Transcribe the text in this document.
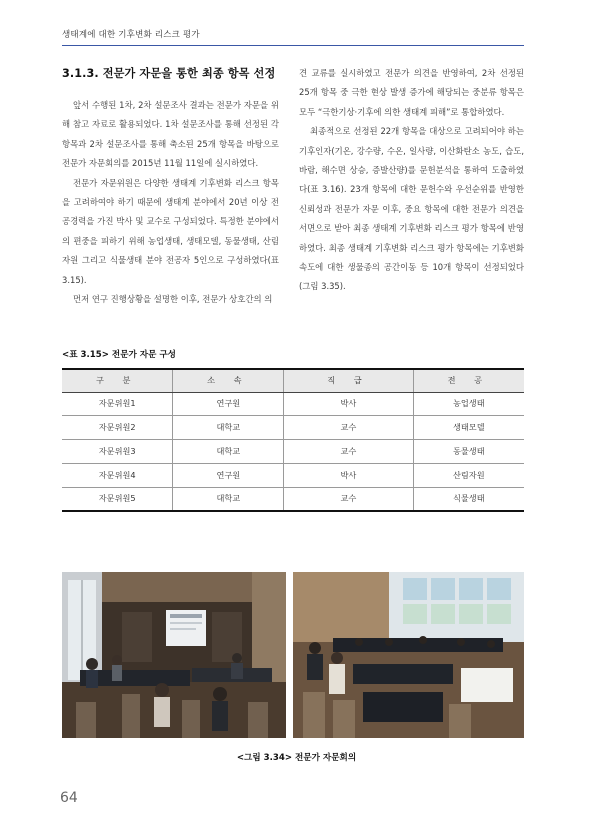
생태계에 대한 기후변화 리스크 평가
3.1.3. 전문가 자문을 통한 최종 항목 선정

앞서 수행된 1차, 2차 설문조사 결과는 전문가 자문을 위해 참고 자료로 활용되었다. 1차 설문조사를 통해 선정된 각 항목과 2차 설문조사를 통해 축소된 25개 항목을 바탕으로 전문가 자문회의를 2015년 11월 11일에 실시하였다.

전문가 자문위원은 다양한 생태계 기후변화 리스크 항목을 고려하여야 하기 때문에 생태계 분야에서 20년 이상 전공경력을 가진 박사 및 교수로 구성되었다. 특정한 분야에서의 편중을 피하기 위해 농업생태, 생태모델, 동물생태, 산림자원 그리고 식물생태 분야 전공자 5인으로 구성하였다(표 3.15).

먼저 연구 진행상황을 설명한 이후, 전문가 상호간의 의

견 교류를 실시하였고 전문가 의견을 반영하여, 2차 선정된 25개 항목 중 극한 현상 발생 증가에 해당되는 중분류 항목은 모두 “극한기상·기후에 의한 생태계 피해”로 통합하였다.

최종적으로 선정된 22개 항목을 대상으로 고려되어야 하는 기후인자(기온, 강수량, 수온, 일사량, 이산화탄소 농도, 습도, 바람, 해수면 상승, 증발산량)를 문헌분석을 통하여 도출하였다(표 3.16). 23개 항목에 대한 문헌수와 우선순위를 반영한 신뢰성과 전문가 자문 이후, 중요 항목에 대한 전문가 의견을 서면으로 받아 최종 생태계 기후변화 리스크 평가 항목에 반영하였다. 최종 생태계 기후변화 리스크 평가 항목에는 기후변화 속도에 대한 생물종의 공간이동 등 10개 항목이 선정되었다(그림 3.35).

<표 3.15> 전문가 자문 구성
구 분	소 속	직 급	전 공
자문위원1	연구원	박사	농업생태
자문위원2	대학교	교수	생태모델
자문위원3	대학교	교수	동물생태
자문위원4	연구원	박사	산림자원
자문위원5	대학교	교수	식물생태
<그림 3.34> 전문가 자문회의
64
